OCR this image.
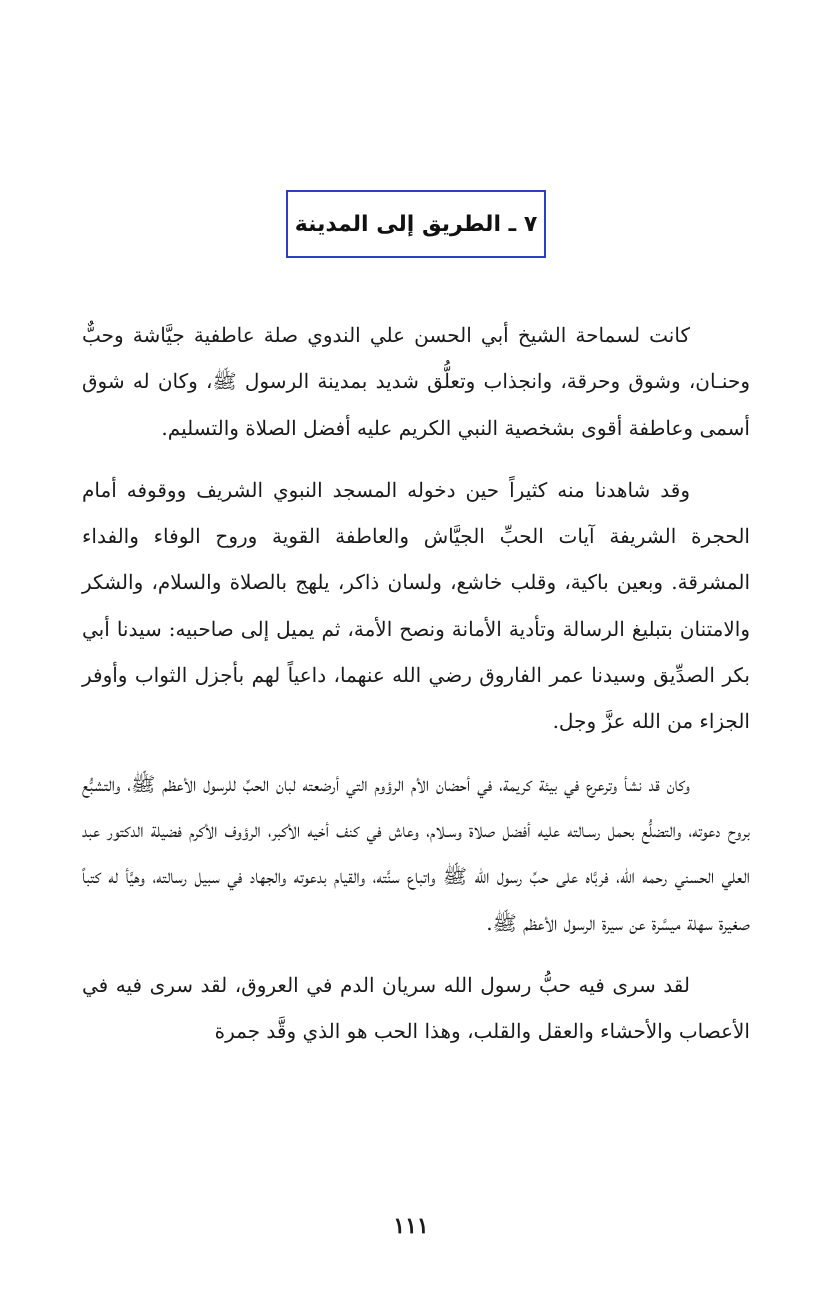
٧ ـ الطريق إلى المدينة

كانت لسماحة الشيخ أبي الحسن علي الندوي صلة عاطفية جيَّاشة وحبٌّ وحنـان، وشوق وحرقة، وانجذاب وتعلُّق شديد بمدينة الرسول ﷺ، وكان له شوق أسمى وعاطفة أقوى بشخصية النبي الكريم عليه أفضل الصلاة والتسليم.

وقد شاهدنا منه كثيراً حين دخوله المسجد النبوي الشريف ووقوفه أمام الحجرة الشريفة آيات الحبِّ الجيَّاش والعاطفة القوية وروح الوفاء والفداء المشرقة. وبعين باكية، وقلب خاشع، ولسان ذاكر، يلهج بالصلاة والسلام، والشكر والامتنان بتبليغ الرسالة وتأدية الأمانة ونصح الأمة، ثم يميل إلى صاحبيه: سيدنا أبي بكر الصدِّيق وسيدنا عمر الفاروق رضي الله عنهما، داعياً لهم بأجزل الثواب وأوفر الجزاء من الله عزَّ وجل.

وكان قد نشأ وترعرع في بيئة كريمة، في أحضان الأم الرؤوم التي أرضعته لبان الحبِّ للرسول الأعظم ﷺ، والتشبُّع بروح دعوته، والتضلُّع بحمل رسـالته عليه أفضل صلاة وسـلام، وعاش في كنف أخيه الأكبر، الرؤوف الأكرم فضيلة الدكتور عبد العلي الحسني رحمه الله، فربَّاه على حبِّ رسول الله ﷺ واتباع سنَّته، والقيام بدعوته والجهاد في سبيل رسالته، وهيَّأ له كتباً صغيرة سهلة ميسَّرة عن سيرة الرسول الأعظم ﷺ.

لقد سرى فيه حبُّ رسول الله سريان الدم في العروق، لقد سرى فيه في الأعصاب والأحشاء والعقل والقلب، وهذا الحب هو الذي وقَّد جمرة

١١١
